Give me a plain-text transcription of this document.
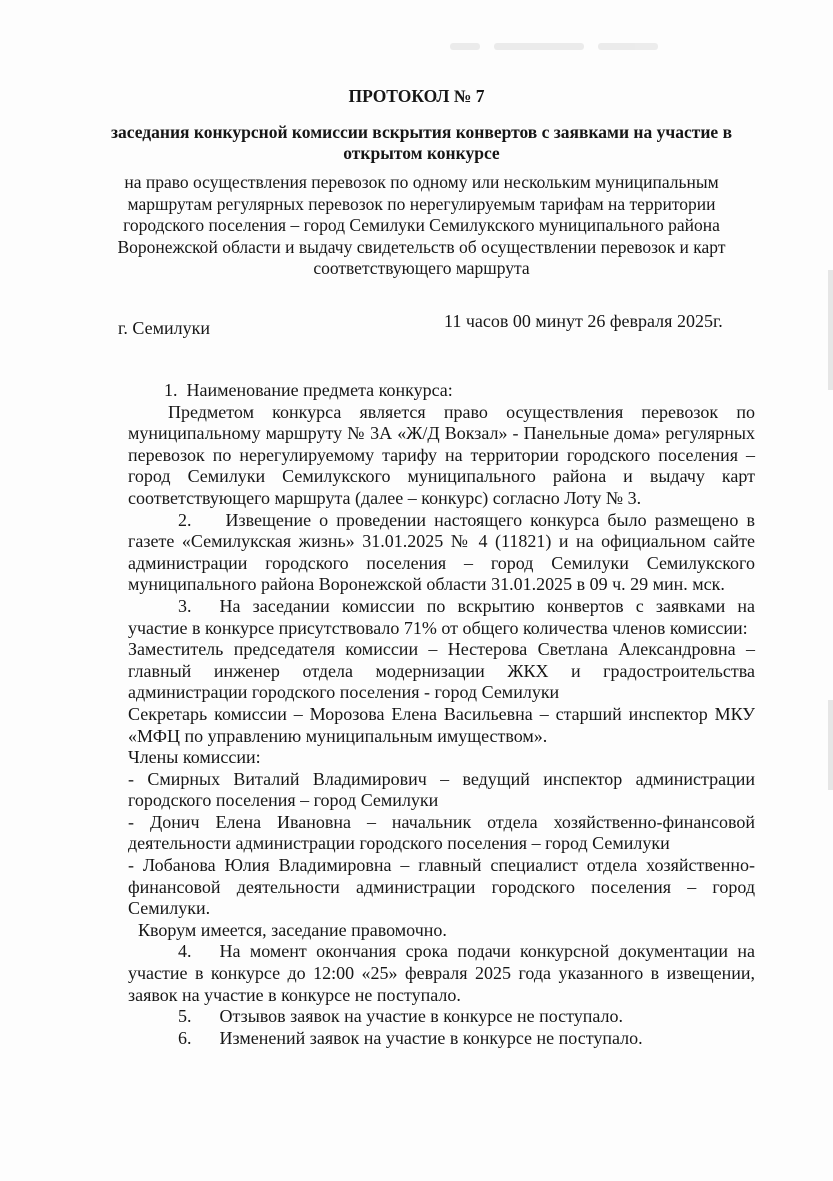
ПРОТОКОЛ № 7
заседания конкурсной комиссии вскрытия конвертов с заявками на участие в открытом конкурсе
на право осуществления перевозок по одному или нескольким муниципальным маршрутам регулярных перевозок по нерегулируемым тарифам на территории городского поселения – город Семилуки Семилукского муниципального района Воронежской области и выдачу свидетельств об осуществлении перевозок и карт соответствующего маршрута
г. Семилуки	11 часов 00 минут 26 февраля 2025г.

1. Наименование предмета конкурса:

Предметом конкурса является право осуществления перевозок по муниципальному маршруту № 3А «Ж/Д Вокзал» - Панельные дома» регулярных перевозок по нерегулируемому тарифу на территории городского поселения – город Семилуки Семилукского муниципального района и выдачу карт соответствующего маршрута (далее – конкурс) согласно Лоту № 3.

2. Извещение о проведении настоящего конкурса было размещено в газете «Семилукская жизнь» 31.01.2025 № 4 (11821) и на официальном сайте администрации городского поселения – город Семилуки Семилукского муниципального района Воронежской области 31.01.2025 в 09 ч. 29 мин. мск.

3. На заседании комиссии по вскрытию конвертов с заявками на участие в конкурсе присутствовало 71% от общего количества членов комиссии:

Заместитель председателя комиссии – Нестерова Светлана Александровна – главный инженер отдела модернизации ЖКХ и градостроительства администрации городского поселения - город Семилуки

Секретарь комиссии – Морозова Елена Васильевна – старший инспектор МКУ «МФЦ по управлению муниципальным имуществом».

Члены комиссии:

- Смирных Виталий Владимирович – ведущий инспектор администрации городского поселения – город Семилуки

- Донич Елена Ивановна – начальник отдела хозяйственно-финансовой деятельности администрации городского поселения – город Семилуки

- Лобанова Юлия Владимировна – главный специалист отдела хозяйственно-финансовой деятельности администрации городского поселения – город Семилуки.

Кворум имеется, заседание правомочно.

4. На момент окончания срока подачи конкурсной документации на участие в конкурсе до 12:00 «25» февраля 2025 года указанного в извещении, заявок на участие в конкурсе не поступало.

5. Отзывов заявок на участие в конкурсе не поступало.

6. Изменений заявок на участие в конкурсе не поступало.
